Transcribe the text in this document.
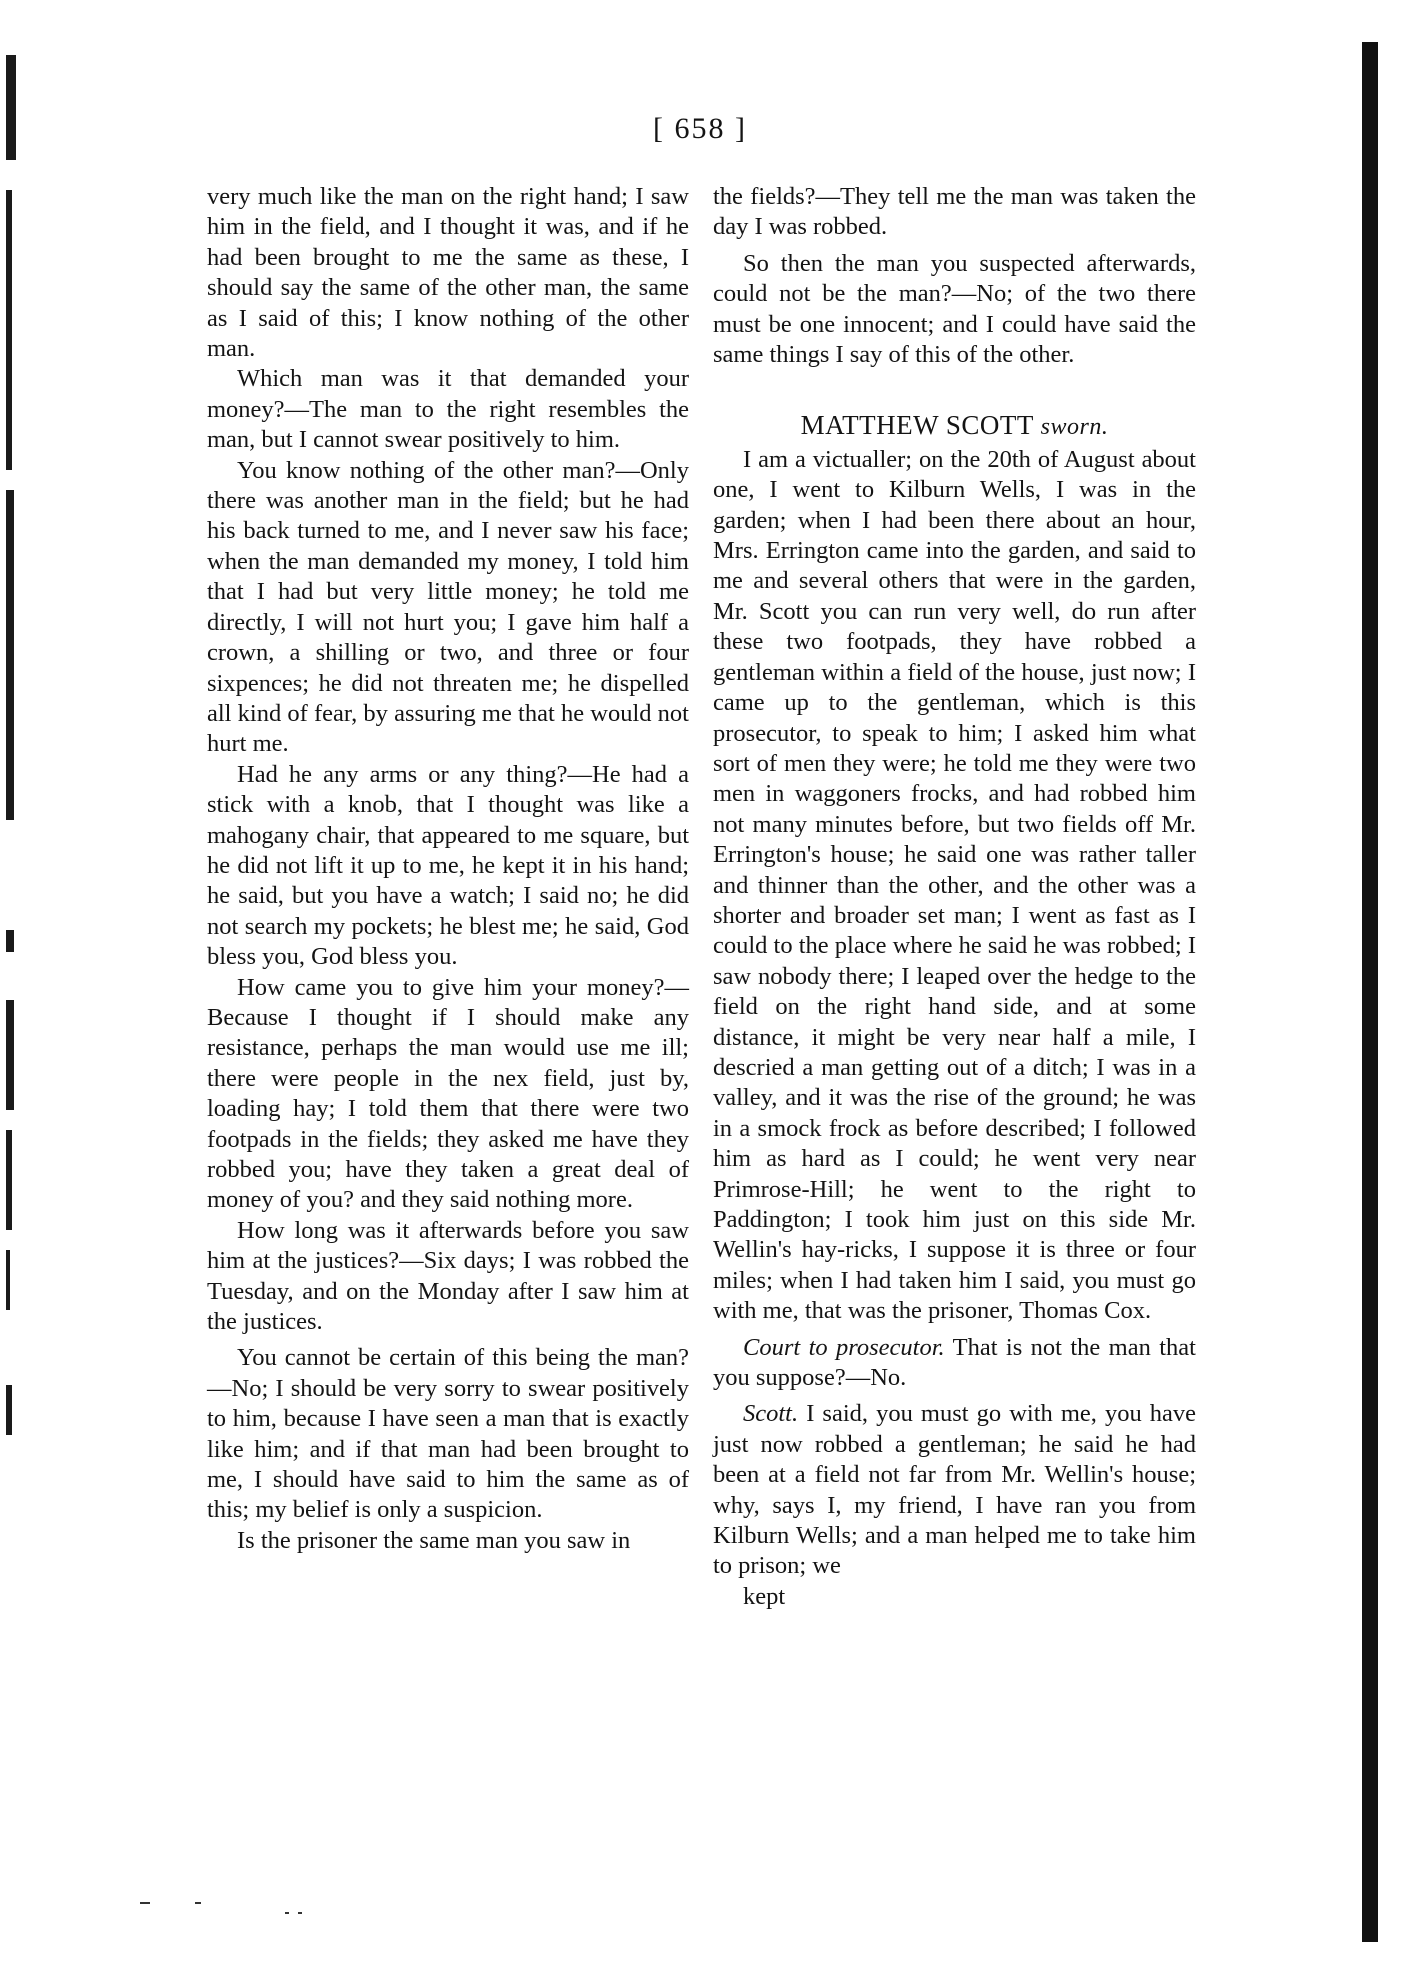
[ 658 ]

very much like the man on the right hand; I saw him in the field, and I thought it was, and if he had been brought to me the same as these, I should say the same of the other man, the same as I said of this; I know nothing of the other man.

Which man was it that demanded your money?—The man to the right resembles the man, but I cannot swear positively to him.

You know nothing of the other man?—Only there was another man in the field; but he had his back turned to me, and I never saw his face; when the man demanded my money, I told him that I had but very little money; he told me directly, I will not hurt you; I gave him half a crown, a shilling or two, and three or four sixpences; he did not threaten me; he dispelled all kind of fear, by assuring me that he would not hurt me.

Had he any arms or any thing?—He had a stick with a knob, that I thought was like a mahogany chair, that appeared to me square, but he did not lift it up to me, he kept it in his hand; he said, but you have a watch; I said no; he did not search my pockets; he blest me; he said, God bless you, God bless you.

How came you to give him your money?—Because I thought if I should make any resistance, perhaps the man would use me ill; there were people in the nex field, just by, loading hay; I told them that there were two footpads in the fields; they asked me have they robbed you; have they taken a great deal of money of you? and they said nothing more.

How long was it afterwards before you saw him at the justices?—Six days; I was robbed the Tuesday, and on the Monday after I saw him at the justices.

You cannot be certain of this being the man?—No; I should be very sorry to swear positively to him, because I have seen a man that is exactly like him; and if that man had been brought to me, I should have said to him the same as of this; my belief is only a suspicion.

Is the prisoner the same man you saw in

the fields?—They tell me the man was taken the day I was robbed.

So then the man you suspected afterwards, could not be the man?—No; of the two there must be one innocent; and I could have said the same things I say of this of the other.

MATTHEW SCOTT sworn.

I am a victualler; on the 20th of August about one, I went to Kilburn Wells, I was in the garden; when I had been there about an hour, Mrs. Errington came into the garden, and said to me and several others that were in the garden, Mr. Scott you can run very well, do run after these two footpads, they have robbed a gentleman within a field of the house, just now; I came up to the gentleman, which is this prosecutor, to speak to him; I asked him what sort of men they were; he told me they were two men in waggoners frocks, and had robbed him not many minutes before, but two fields off Mr. Errington's house; he said one was rather taller and thinner than the other, and the other was a shorter and broader set man; I went as fast as I could to the place where he said he was robbed; I saw nobody there; I leaped over the hedge to the field on the right hand side, and at some distance, it might be very near half a mile, I descried a man getting out of a ditch; I was in a valley, and it was the rise of the ground; he was in a smock frock as before described; I followed him as hard as I could; he went very near Primrose-Hill; he went to the right to Paddington; I took him just on this side Mr. Wellin's hay-ricks, I suppose it is three or four miles; when I had taken him I said, you must go with me, that was the prisoner, Thomas Cox.

Court to prosecutor. That is not the man that you suppose?—No.

Scott. I said, you must go with me, you have just now robbed a gentleman; he said he had been at a field not far from Mr. Wellin's house; why, says I, my friend, I have ran you from Kilburn Wells; and a man helped me to take him to prison; we

kept
